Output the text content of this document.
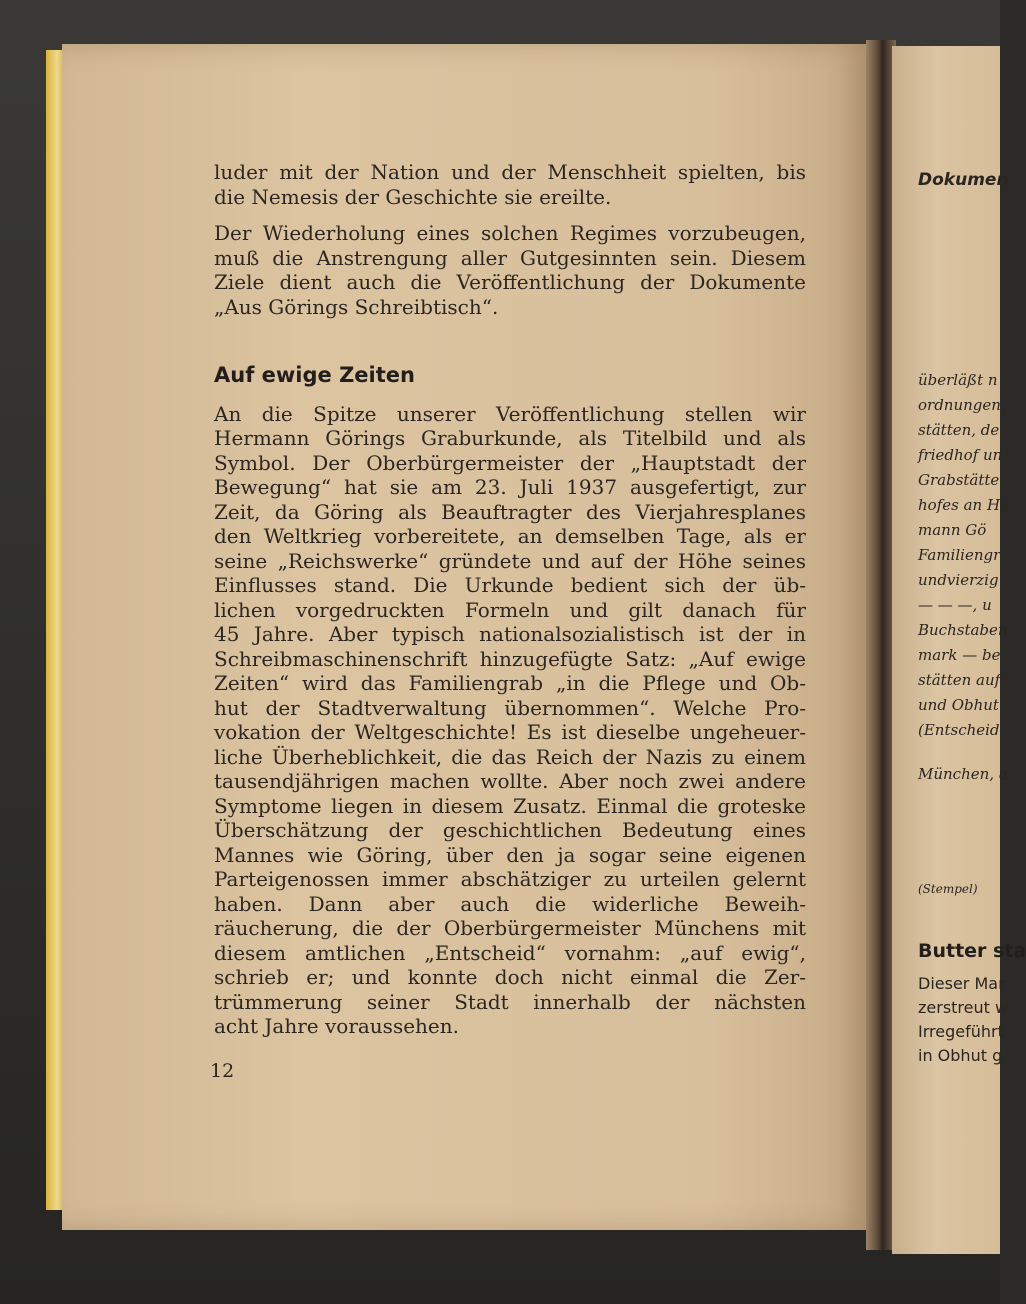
luder mit der Nation und der Menschheit spielten, bis
die Nemesis der Geschichte sie ereilte.

Der Wiederholung eines solchen Regimes vorzubeugen,
muß die Anstrengung aller Gutgesinnten sein. Diesem
Ziele dient auch die Veröffentlichung der Dokumente
„Aus Görings Schreibtisch“.

Auf ewige Zeiten

An die Spitze unserer Veröffentlichung stellen wir
Hermann Görings Graburkunde, als Titelbild und als
Symbol. Der Oberbürgermeister der „Hauptstadt der
Bewegung“ hat sie am 23. Juli 1937 ausgefertigt, zur
Zeit, da Göring als Beauftragter des Vierjahresplanes
den Weltkrieg vorbereitete, an demselben Tage, als er
seine „Reichswerke“ gründete und auf der Höhe seines
Einflusses stand. Die Urkunde bedient sich der üb-
lichen vorgedruckten Formeln und gilt danach für
45 Jahre. Aber typisch nationalsozialistisch ist der in
Schreibmaschinenschrift hinzugefügte Satz: „Auf ewige
Zeiten“ wird das Familiengrab „in die Pflege und Ob-
hut der Stadtverwaltung übernommen“. Welche Pro-
vokation der Weltgeschichte! Es ist dieselbe ungeheuer-
liche Überheblichkeit, die das Reich der Nazis zu einem
tausendjährigen machen wollte. Aber noch zwei andere
Symptome liegen in diesem Zusatz. Einmal die groteske
Überschätzung der geschichtlichen Bedeutung eines
Mannes wie Göring, über den ja sogar seine eigenen
Parteigenossen immer abschätziger zu urteilen gelernt
haben. Dann aber auch die widerliche Beweih-
räucherung, die der Oberbürgermeister Münchens mit
diesem amtlichen „Entscheid“ vornahm: „auf ewig“,
schrieb er; und konnte doch nicht einmal die Zer-
trümmerung seiner Stadt innerhalb der nächsten
acht Jahre voraussehen.

12
Dokumen
überläßt n
ordnungen,
stätten, de
friedhof un
Grabstätte
hofes an He
mann Gö
Familiengr
undvierzig
— — —, u
Buchstaben
mark — be
stätten auf
und Obhut
(Entscheid
München, a
(Stempel)
Butter sta
Dieser Mar
zerstreut w
Irregeführt
in Obhut g
